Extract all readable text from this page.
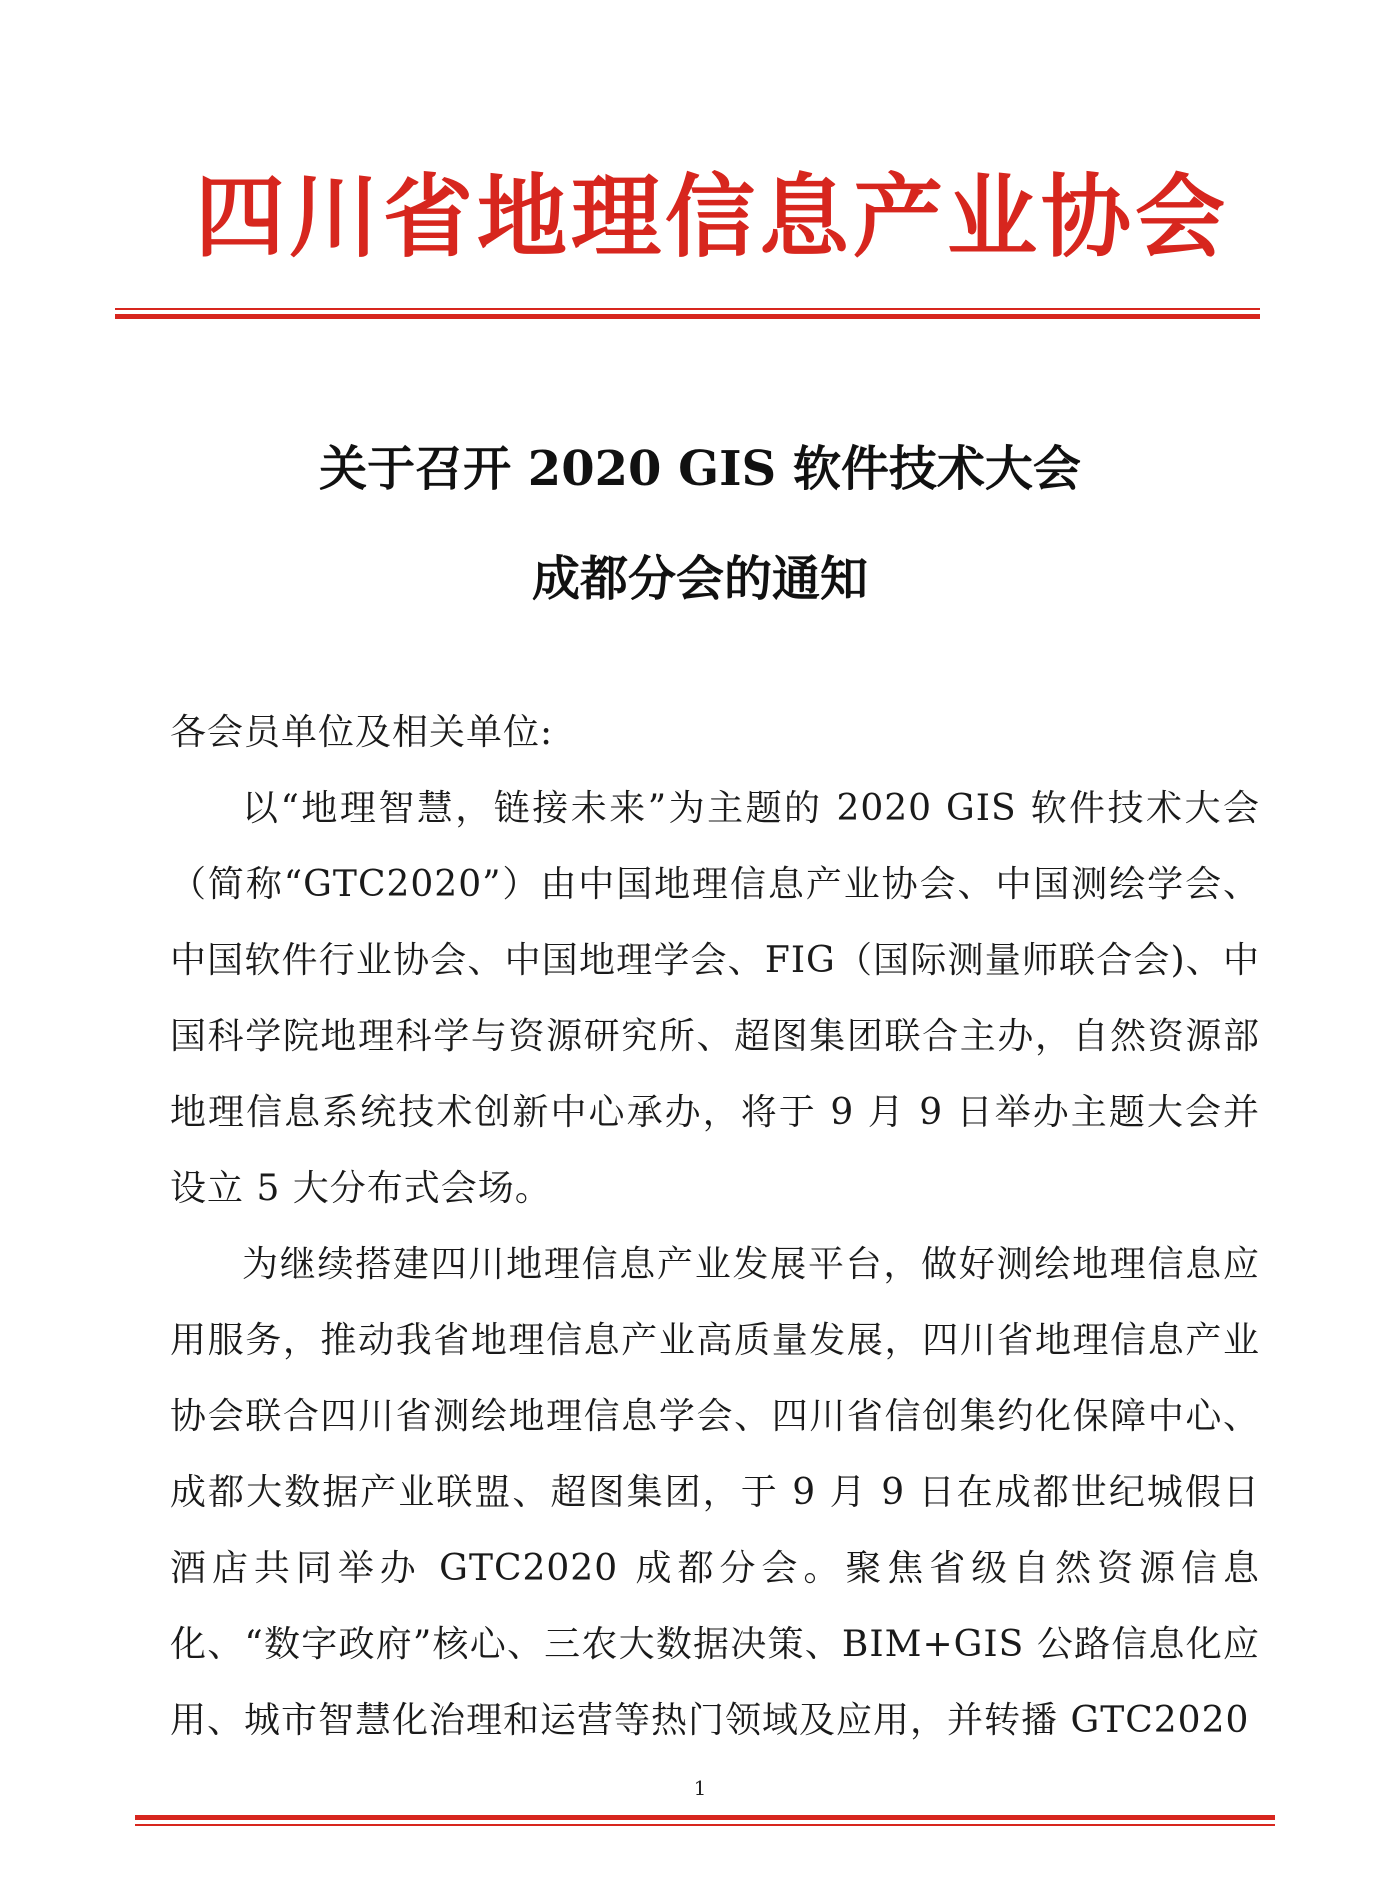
四川省地理信息产业协会
关于召开 2020 GIS 软件技术大会
成都分会的通知

各会员单位及相关单位:

以“地理智慧，链接未来”为主题的 2020 GIS 软件技术大会（简称“GTC2020”）由中国地理信息产业协会、中国测绘学会、中国软件行业协会、中国地理学会、FIG（国际测量师联合会)、中国科学院地理科学与资源研究所、超图集团联合主办，自然资源部地理信息系统技术创新中心承办，将于 9 月 9 日举办主题大会并设立 5 大分布式会场。

为继续搭建四川地理信息产业发展平台，做好测绘地理信息应用服务，推动我省地理信息产业高质量发展，四川省地理信息产业协会联合四川省测绘地理信息学会、四川省信创集约化保障中心、成都大数据产业联盟、超图集团，于 9 月 9 日在成都世纪城假日酒店共同举办 GTC2020 成都分会。聚焦省级自然资源信息化、“数字政府”核心、三农大数据决策、BIM+GIS 公路信息化应用、城市智慧化治理和运营等热门领域及应用，并转播 GTC2020

1
